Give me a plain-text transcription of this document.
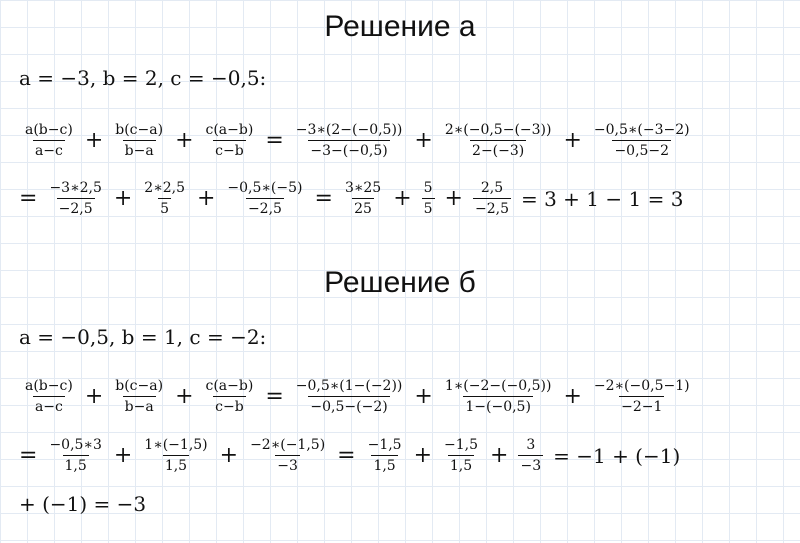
Решение а
a = −3, b = 2, c = −0,5:
$\frac{a(b-c)}{a-c} + \frac{b(c-a)}{b-a} + \frac{c(a-b)}{c-b} = \frac{-3∗(2-(-0,5))}{-3-(-0,5)} + \frac{2∗(-0,5-(-3))}{2-(-3)} + \frac{-0,5∗(-3-2)}{-0,5-2}$
= $\frac{-3∗2,5}{-2,5} + \frac{2∗2,5}{5} + \frac{-0,5∗(-5)}{-2,5} = \frac{3∗25}{25} + \frac{5}{5} + \frac{2,5}{-2,5} = 3 + 1 - 1 = 3$
Решение б
a = −0,5, b = 1, c = −2:
$\frac{a(b-c)}{a-c} + \frac{b(c-a)}{b-a} + \frac{c(a-b)}{c-b} = \frac{-0,5∗(1-(-2))}{-0,5-(-2)} + \frac{1∗(-2-(-0,5))}{1-(-0,5)} + \frac{-2∗(-0,5-1)}{-2-1}$
= $\frac{-0,5∗3}{1,5} + \frac{1∗(-1,5)}{1,5} + \frac{-2∗(-1,5)}{-3} = \frac{-1,5}{1,5} + \frac{-1,5}{1,5} + \frac{3}{-3} = -1 + (-1)$
+ (−1) = −3
